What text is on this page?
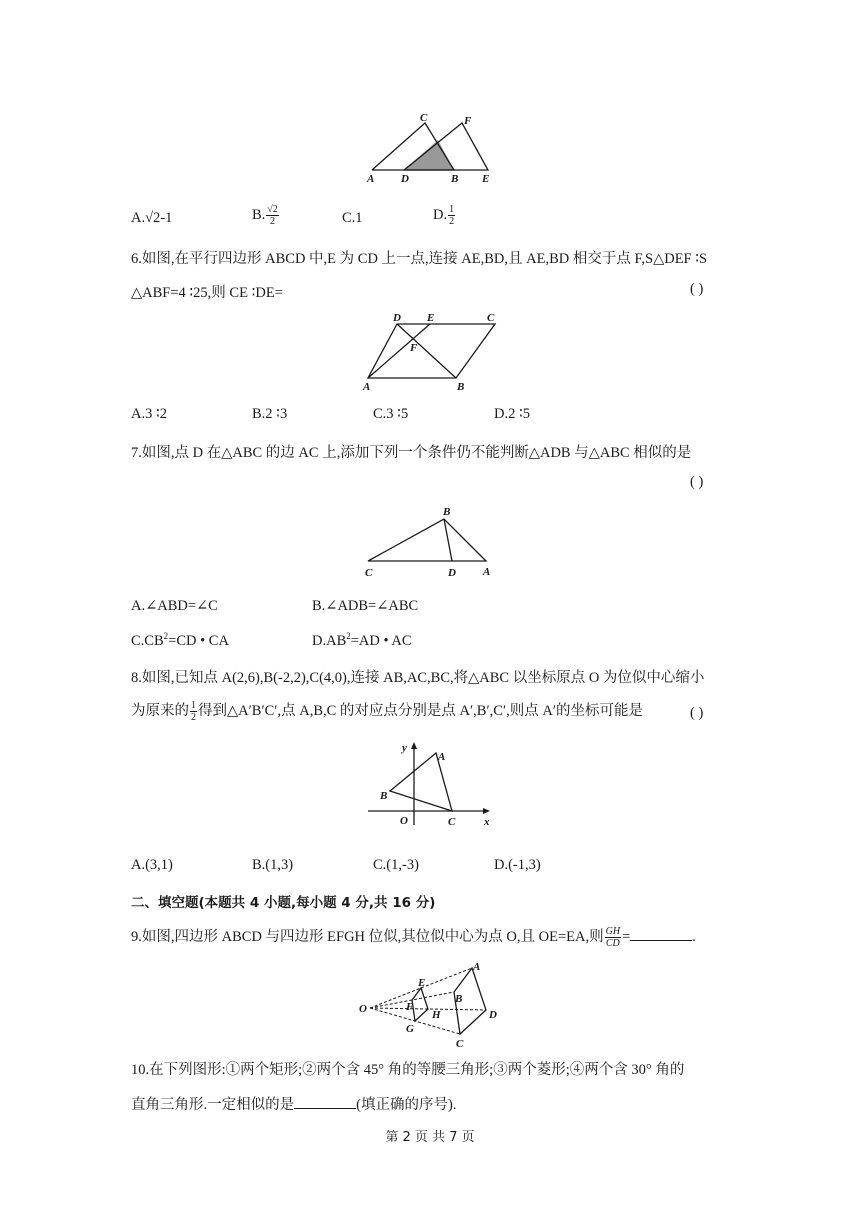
A D	B E
C	F
A.√2-1	B. $\frac{√2}{2}$	C.1	D. $\frac{1}{2}$
6.如图,在平行四边形 ABCD 中,E 为 CD 上一点,连接 AE,BD,且 AE,BD 相交于点 F,S△DEF ∶S
△ABF=4 ∶25,则 CE ∶DE=	( )
D E	C
F
A	B
A.3 ∶2	B.2 ∶3	C.3 ∶5	D.2 ∶5
7.如图,点 D 在△ABC 的边 AC 上,添加下列一个条件仍不能判断△ADB 与△ABC 相似的是
( )
B
C	D A
A.∠ABD=∠C	B.∠ADB=∠ABC
$C.CB^2=CD$ • CA	$D.AB^2=AD$ • AC
8.如图,已知点 A(2,6),B(-2,2),C(4,0),连接 AB,AC,BC,将△ABC 以坐标原点 O 为位似中心缩小
为原来的 $\frac{1}{2}$ 得到△A′B′C′,点 A,B,C 的对应点分别是点 A′,B′,C′,则点 A′的坐标可能是	( )
y
A
B
O	C	x
A.(3,1)	B.(1,3)	C.(1,-3)	D.(-1,3)
二、填空题(本题共 4 小题,每小题 4 分,共 16 分)
9.如图,四边形 ABCD 与四边形 EFGH 位似,其位似中心为点 O,且 OE=EA,则 $\frac{GH}{CD}$ =	.
O
E
A
B
F
H	D
G
C
10.在下列图形:①两个矩形;②两个含 45° 角的等腰三角形;③两个菱形;④两个含 30° 角的
直角三角形.一定相似的是	(填正确的序号).
第 2 页 共 7 页
